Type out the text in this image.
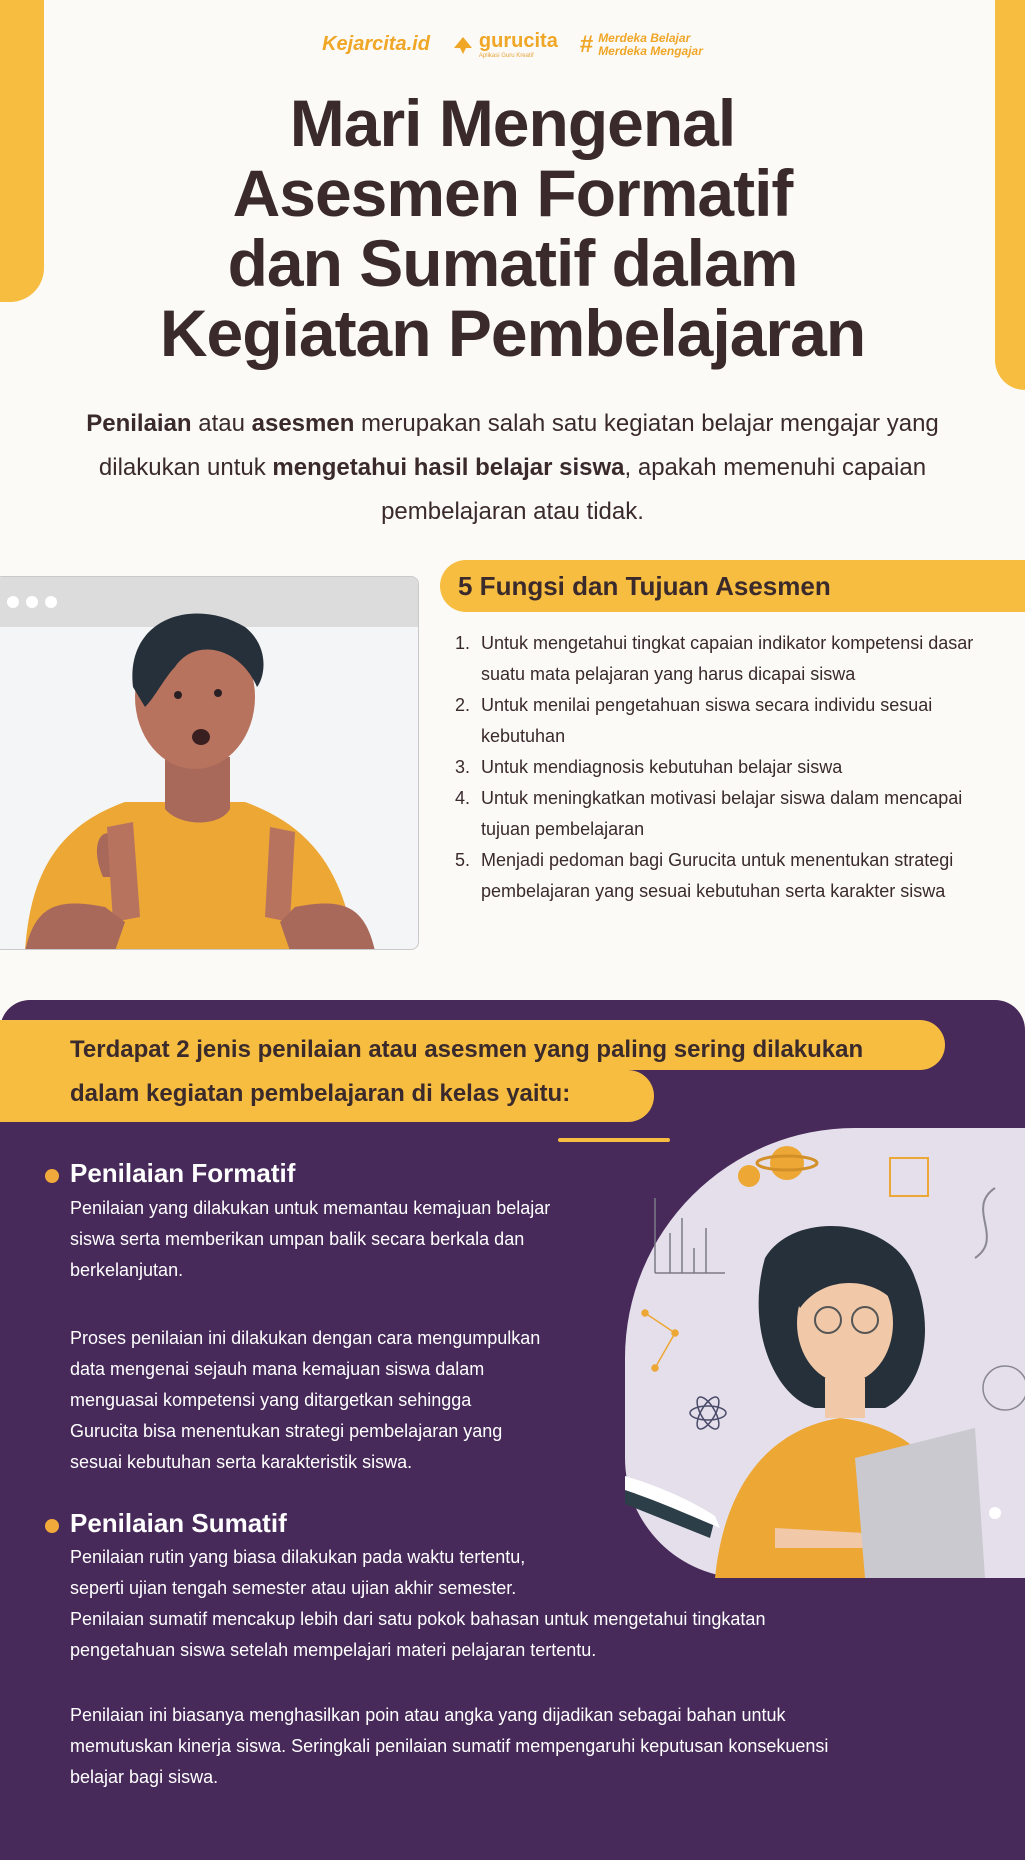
Kejarcita.id gurucita
Aplikasi Guru Kreatif	# Merdeka Belajar
Merdeka Mengajar
Mari Mengenal
Asesmen Formatif
dan Sumatif dalam
Kegiatan Pembelajaran

Penilaian atau asesmen merupakan salah satu kegiatan belajar mengajar yang dilakukan untuk mengetahui hasil belajar siswa, apakah memenuhi capaian pembelajaran atau tidak.

5 Fungsi dan Tujuan Asesmen
1. Untuk mengetahui tingkat capaian indikator kompetensi dasar suatu mata pelajaran yang harus dicapai siswa
2. Untuk menilai pengetahuan siswa secara individu sesuai kebutuhan
3. Untuk mendiagnosis kebutuhan belajar siswa
4. Untuk meningkatkan motivasi belajar siswa dalam mencapai tujuan pembelajaran
5. Menjadi pedoman bagi Gurucita untuk menentukan strategi pembelajaran yang sesuai kebutuhan serta karakter siswa
Terdapat 2 jenis penilaian atau asesmen yang paling sering dilakukan
dalam kegiatan pembelajaran di kelas yaitu:
Penilaian Formatif
Penilaian yang dilakukan untuk memantau kemajuan belajar
siswa serta memberikan umpan balik secara berkala dan
berkelanjutan.
Proses penilaian ini dilakukan dengan cara mengumpulkan
data mengenai sejauh mana kemajuan siswa dalam
menguasai kompetensi yang ditargetkan sehingga
Gurucita bisa menentukan strategi pembelajaran yang
sesuai kebutuhan serta karakteristik siswa.
Penilaian Sumatif
Penilaian rutin yang biasa dilakukan pada waktu tertentu,
seperti ujian tengah semester atau ujian akhir semester.
Penilaian sumatif mencakup lebih dari satu pokok bahasan untuk mengetahui tingkatan
pengetahuan siswa setelah mempelajari materi pelajaran tertentu.
Penilaian ini biasanya menghasilkan poin atau angka yang dijadikan sebagai bahan untuk
memutuskan kinerja siswa. Seringkali penilaian sumatif mempengaruhi keputusan konsekuensi
belajar bagi siswa.
